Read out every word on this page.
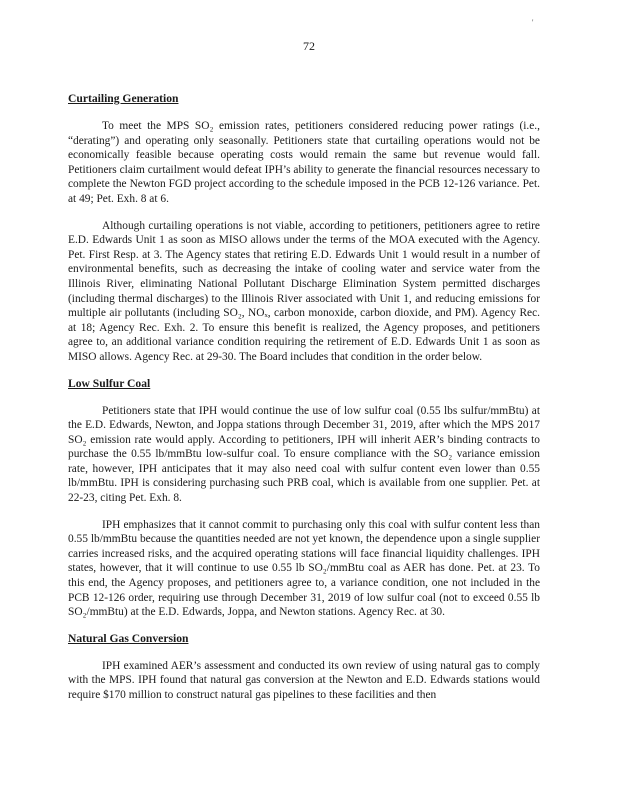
'
72
Curtailing Generation

To meet the MPS SO₂ emission rates, petitioners considered reducing power ratings (i.e., “derating”) and operating only seasonally. Petitioners state that curtailing operations would not be economically feasible because operating costs would remain the same but revenue would fall. Petitioners claim curtailment would defeat IPH’s ability to generate the financial resources necessary to complete the Newton FGD project according to the schedule imposed in the PCB 12-126 variance. Pet. at 49; Pet. Exh. 8 at 6.

Although curtailing operations is not viable, according to petitioners, petitioners agree to retire E.D. Edwards Unit 1 as soon as MISO allows under the terms of the MOA executed with the Agency. Pet. First Resp. at 3. The Agency states that retiring E.D. Edwards Unit 1 would result in a number of environmental benefits, such as decreasing the intake of cooling water and service water from the Illinois River, eliminating National Pollutant Discharge Elimination System permitted discharges (including thermal discharges) to the Illinois River associated with Unit 1, and reducing emissions for multiple air pollutants (including SO₂, NOₓ, carbon monoxide, carbon dioxide, and PM). Agency Rec. at 18; Agency Rec. Exh. 2. To ensure this benefit is realized, the Agency proposes, and petitioners agree to, an additional variance condition requiring the retirement of E.D. Edwards Unit 1 as soon as MISO allows. Agency Rec. at 29-30. The Board includes that condition in the order below.

Low Sulfur Coal

Petitioners state that IPH would continue the use of low sulfur coal (0.55 lbs sulfur/mmBtu) at the E.D. Edwards, Newton, and Joppa stations through December 31, 2019, after which the MPS 2017 SO₂ emission rate would apply. According to petitioners, IPH will inherit AER’s binding contracts to purchase the 0.55 lb/mmBtu low-sulfur coal. To ensure compliance with the SO₂ variance emission rate, however, IPH anticipates that it may also need coal with sulfur content even lower than 0.55 lb/mmBtu. IPH is considering purchasing such PRB coal, which is available from one supplier. Pet. at 22-23, citing Pet. Exh. 8.

IPH emphasizes that it cannot commit to purchasing only this coal with sulfur content less than 0.55 lb/mmBtu because the quantities needed are not yet known, the dependence upon a single supplier carries increased risks, and the acquired operating stations will face financial liquidity challenges. IPH states, however, that it will continue to use 0.55 lb SO₂/mmBtu coal as AER has done. Pet. at 23. To this end, the Agency proposes, and petitioners agree to, a variance condition, one not included in the PCB 12-126 order, requiring use through December 31, 2019 of low sulfur coal (not to exceed 0.55 lb SO₂/mmBtu) at the E.D. Edwards, Joppa, and Newton stations. Agency Rec. at 30.

Natural Gas Conversion

IPH examined AER’s assessment and conducted its own review of using natural gas to comply with the MPS. IPH found that natural gas conversion at the Newton and E.D. Edwards stations would require $170 million to construct natural gas pipelines to these facilities and then
